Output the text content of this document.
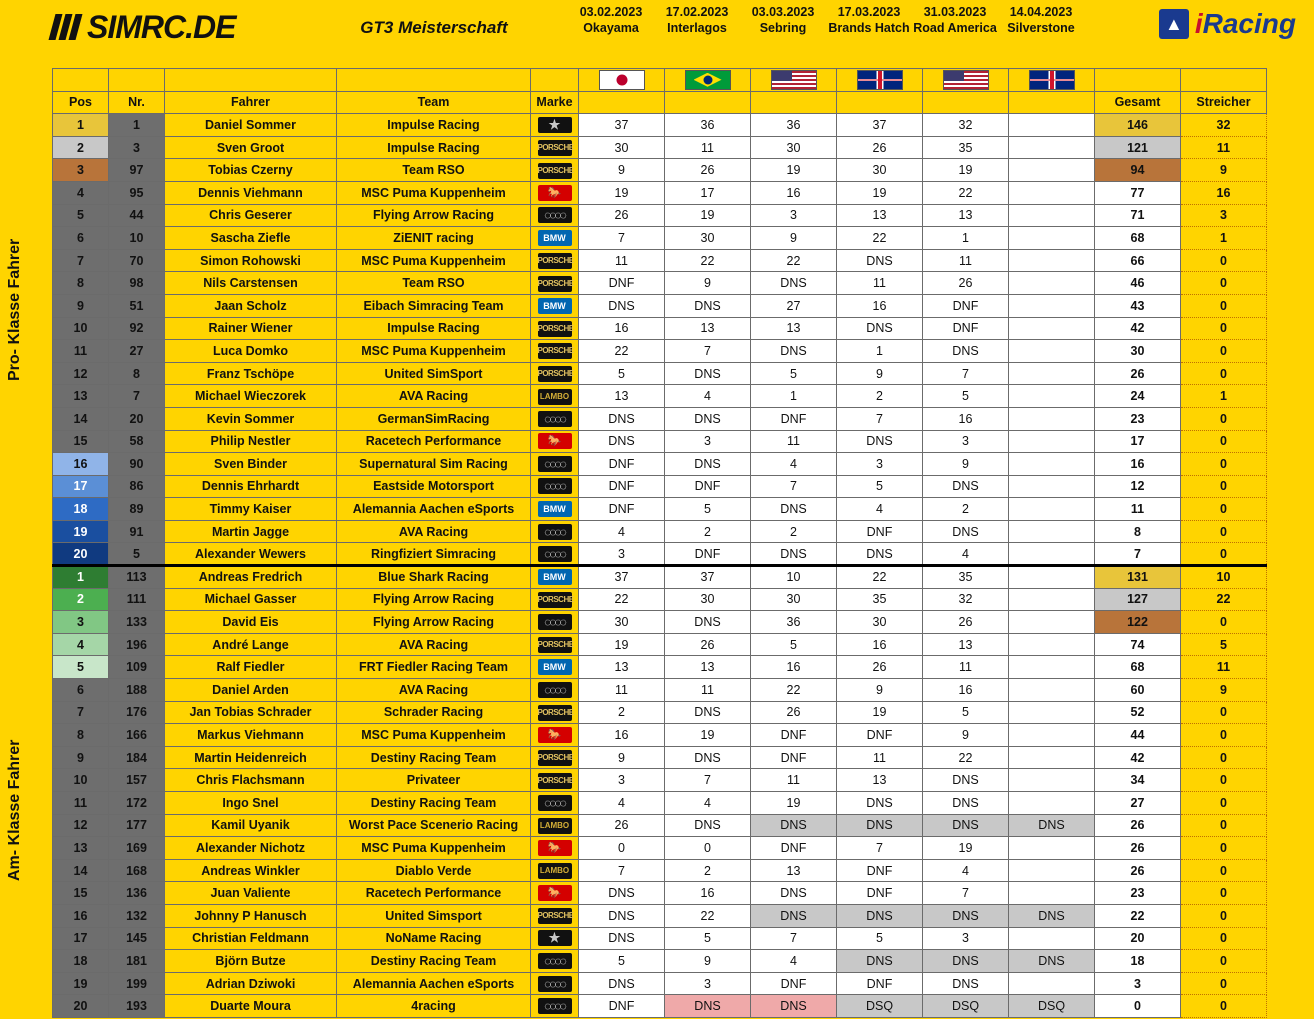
SIMRC.DE	GT3 Meisterschaft
03.02.2023
Okayama
17.02.2023
Interlagos
03.03.2023
Sebring
17.03.2023
Brands Hatch
31.03.2023
Road America
14.04.2023
Silverstone	▲ iRacing
Pro- Klasse Fahrer
Am- Klasse Fahrer

Pos	Nr.	Fahrer	Team	Marke							Gesamt	Streicher
1	1	Daniel Sommer	Impulse Racing	★	37	36	36	37	32		146	32
2	3	Sven Groot	Impulse Racing	PORSCHE	30	11	30	26	35		121	11
3	97	Tobias Czerny	Team RSO	PORSCHE	9	26	19	30	19		94	9
4	95	Dennis Viehmann	MSC Puma Kuppenheim	🐎	19	17	16	19	22		77	16
5	44	Chris Geserer	Flying Arrow Racing	◌◌◌◌	26	19	3	13	13		71	3
6	10	Sascha Ziefle	ZiENIT racing	BMW	7	30	9	22	1		68	1
7	70	Simon Rohowski	MSC Puma Kuppenheim	PORSCHE	11	22	22	DNS	11		66	0
8	98	Nils Carstensen	Team RSO	PORSCHE	DNF	9	DNS	11	26		46	0
9	51	Jaan Scholz	Eibach Simracing Team	BMW	DNS	DNS	27	16	DNF		43	0
10	92	Rainer Wiener	Impulse Racing	PORSCHE	16	13	13	DNS	DNF		42	0
11	27	Luca Domko	MSC Puma Kuppenheim	PORSCHE	22	7	DNS	1	DNS		30	0
12	8	Franz Tschöpe	United SimSport	PORSCHE	5	DNS	5	9	7		26	0
13	7	Michael Wieczorek	AVA Racing	LAMBO	13	4	1	2	5		24	1
14	20	Kevin Sommer	GermanSimRacing	◌◌◌◌	DNS	DNS	DNF	7	16		23	0
15	58	Philip Nestler	Racetech Performance	🐎	DNS	3	11	DNS	3		17	0
16	90	Sven Binder	Supernatural Sim Racing	◌◌◌◌	DNF	DNS	4	3	9		16	0
17	86	Dennis Ehrhardt	Eastside Motorsport	◌◌◌◌	DNF	DNF	7	5	DNS		12	0
18	89	Timmy Kaiser	Alemannia Aachen eSports	BMW	DNF	5	DNS	4	2		11	0
19	91	Martin Jagge	AVA Racing	◌◌◌◌	4	2	2	DNF	DNS		8	0
20	5	Alexander Wewers	Ringfiziert Simracing	◌◌◌◌	3	DNF	DNS	DNS	4		7	0
1	113	Andreas Fredrich	Blue Shark Racing	BMW	37	37	10	22	35		131	10
2	111	Michael Gasser	Flying Arrow Racing	PORSCHE	22	30	30	35	32		127	22
3	133	David Eis	Flying Arrow Racing	◌◌◌◌	30	DNS	36	30	26		122	0
4	196	André Lange	AVA Racing	PORSCHE	19	26	5	16	13		74	5
5	109	Ralf Fiedler	FRT Fiedler Racing Team	BMW	13	13	16	26	11		68	11
6	188	Daniel Arden	AVA Racing	◌◌◌◌	11	11	22	9	16		60	9
7	176	Jan Tobias Schrader	Schrader Racing	PORSCHE	2	DNS	26	19	5		52	0
8	166	Markus Viehmann	MSC Puma Kuppenheim	🐎	16	19	DNF	DNF	9		44	0
9	184	Martin Heidenreich	Destiny Racing Team	PORSCHE	9	DNS	DNF	11	22		42	0
10	157	Chris Flachsmann	Privateer	PORSCHE	3	7	11	13	DNS		34	0
11	172	Ingo Snel	Destiny Racing Team	◌◌◌◌	4	4	19	DNS	DNS		27	0
12	177	Kamil Uyanik	Worst Pace Scenerio Racing	LAMBO	26	DNS	DNS	DNS	DNS	DNS	26	0
13	169	Alexander Nichotz	MSC Puma Kuppenheim	🐎	0	0	DNF	7	19		26	0
14	168	Andreas Winkler	Diablo Verde	LAMBO	7	2	13	DNF	4		26	0
15	136	Juan Valiente	Racetech Performance	🐎	DNS	16	DNS	DNF	7		23	0
16	132	Johnny P Hanusch	United Simsport	PORSCHE	DNS	22	DNS	DNS	DNS	DNS	22	0
17	145	Christian Feldmann	NoName Racing	★	DNS	5	7	5	3		20	0
18	181	Björn Butze	Destiny Racing Team	◌◌◌◌	5	9	4	DNS	DNS	DNS	18	0
19	199	Adrian Dziwoki	Alemannia Aachen eSports	◌◌◌◌	DNS	3	DNF	DNF	DNS		3	0
20	193	Duarte Moura	4racing	◌◌◌◌	DNF	DNS	DNS	DSQ	DSQ	DSQ	0	0
